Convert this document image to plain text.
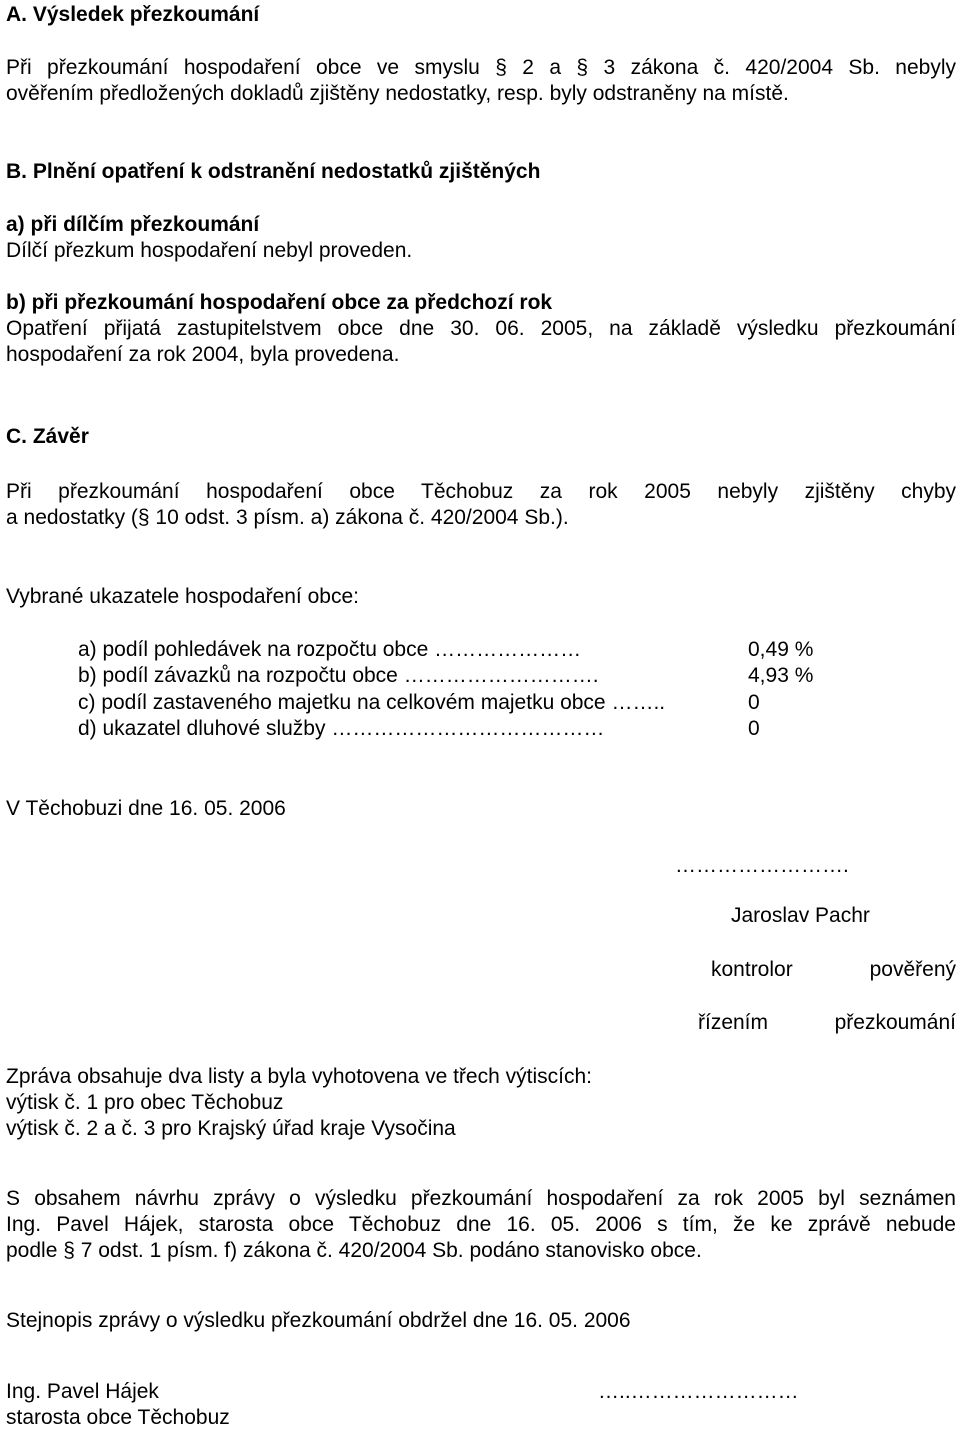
A. Výsledek přezkoumání
Při přezkoumání hospodaření obce ve smyslu § 2 a § 3 zákona č. 420/2004 Sb. nebyly
ověřením předložených dokladů zjištěny nedostatky, resp. byly odstraněny na místě.
B. Plnění opatření k odstranění nedostatků zjištěných
a) při dílčím přezkoumání
Dílčí přezkum hospodaření nebyl proveden.
b) při přezkoumání hospodaření obce za předchozí rok
Opatření přijatá zastupitelstvem obce dne 30. 06. 2005, na základě výsledku přezkoumání
hospodaření za rok 2004, byla provedena.
C. Závěr
Při přezkoumání hospodaření obce Těchobuz za rok 2005 nebyly zjištěny chyby
a nedostatky (§ 10 odst. 3 písm. a) zákona č. 420/2004 Sb.).
Vybrané ukazatele hospodaření obce:
a) podíl pohledávek na rozpočtu obce …………………	0,49 %
b) podíl závazků na rozpočtu obce ……………………….	4,93 %
c) podíl zastaveného majetku na celkovém majetku obce ……..	0
d) ukazatel dluhové služby …………………………………	0
V Těchobuzi dne 16. 05. 2006
…………………….
Jaroslav Pachr
kontrolor	pověřený
řízením	přezkoumání
Zpráva obsahuje dva listy a byla vyhotovena ve třech výtiscích:
výtisk č. 1 pro obec Těchobuz
výtisk č. 2 a č. 3 pro Krajský úřad kraje Vysočina
S obsahem návrhu zprávy o výsledku přezkoumání hospodaření za rok 2005 byl seznámen
Ing. Pavel Hájek, starosta obce Těchobuz dne 16. 05. 2006 s tím, že ke zprávě nebude
podle § 7 odst. 1 písm. f) zákona č. 420/2004 Sb. podáno stanovisko obce.
Stejnopis zprávy o výsledku přezkoumání obdržel dne 16. 05. 2006
Ing. Pavel Hájek	…..……………………
starosta obce Těchobuz
